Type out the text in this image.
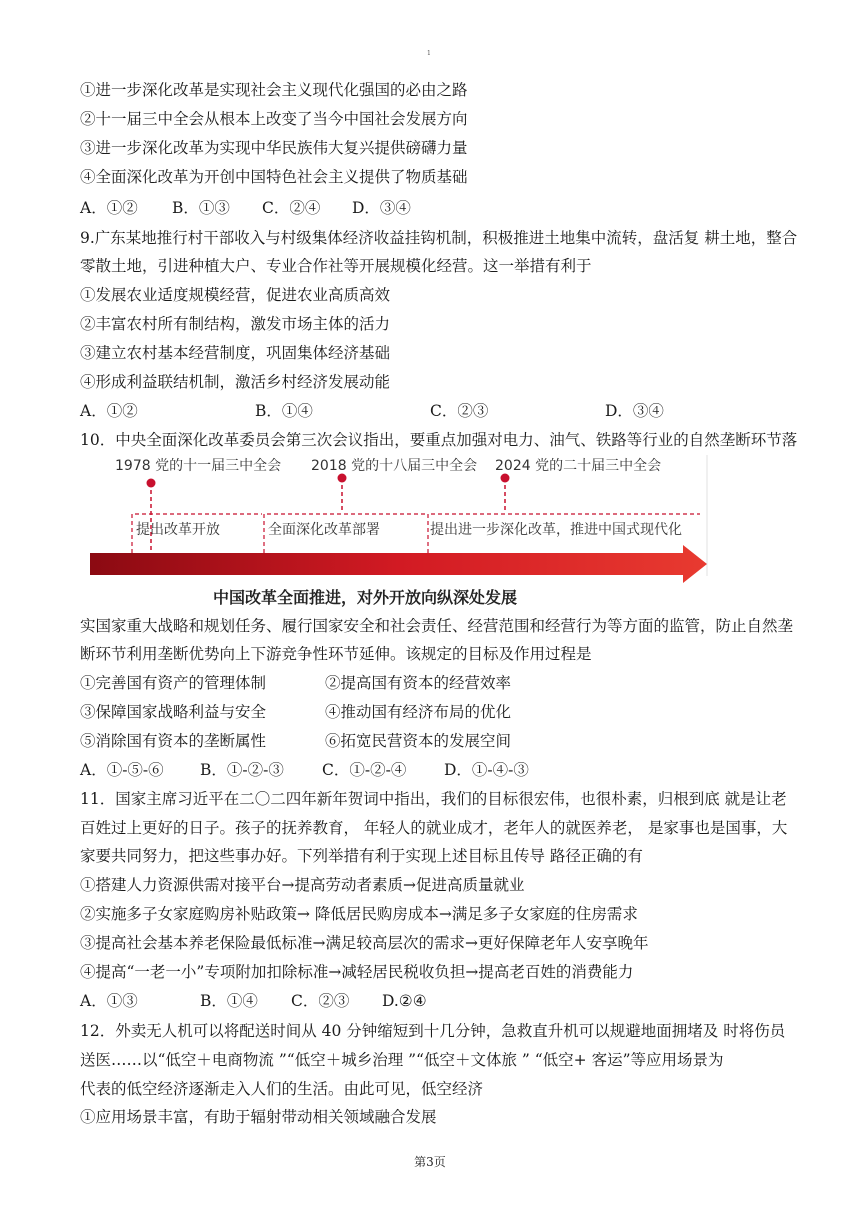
1
①进一步深化改革是实现社会主义现代化强国的必由之路
②十一届三中全会从根本上改变了当今中国社会发展方向
③进一步深化改革为实现中华民族伟大复兴提供磅礴力量
④全面深化改革为开创中国特色社会主义提供了物质基础
A．①② B．①③ C．②④ D．③④
9.广东某地推行村干部收入与村级集体经济收益挂钩机制，积极推进土地集中流转，盘活复 耕土地，整合
零散土地，引进种植大户、专业合作社等开展规模化经营。这一举措有利于
①发展农业适度规模经营，促进农业高质高效
②丰富农村所有制结构，激发市场主体的活力
③建立农村基本经营制度，巩固集体经济基础
④形成利益联结机制，激活乡村经济发展动能
A．①②	B．①④	C．②③	D．③④
10．中央全面深化改革委员会第三次会议指出，要重点加强对电力、油气、铁路等行业的自然垄断环节落
1978 党的十一届三中全会 2018 党的十八届三中全会 2024 党的二十届三中全会
提出改革开放	全面深化改革部署	提出进一步深化改革，推进中国式现代化
中国改革全面推进，对外开放向纵深处发展
实国家重大战略和规划任务、履行国家安全和社会责任、经营范围和经营行为等方面的监管，防止自然垄
断环节利用垄断优势向上下游竞争性环节延伸。该规定的目标及作用过程是
①完善国有资产的管理体制	②提高国有资本的经营效率
③保障国家战略利益与安全	④推动国有经济布局的优化
⑤消除国有资本的垄断属性	⑥拓宽民营资本的发展空间
A．①-⑤-⑥ B．①-②-③ C．①-②-④ D．①-④-③
11．国家主席习近平在二〇二四年新年贺词中指出，我们的目标很宏伟，也很朴素，归根到底 就是让老
百姓过上更好的日子。孩子的抚养教育， 年轻人的就业成才，老年人的就医养老， 是家事也是国事，大
家要共同努力，把这些事办好。下列举措有利于实现上述目标且传导 路径正确的有
①搭建人力资源供需对接平台→提高劳动者素质→促进高质量就业
②实施多子女家庭购房补贴政策→ 降低居民购房成本→满足多子女家庭的住房需求
③提高社会基本养老保险最低标准→满足较高层次的需求→更好保障老年人安享晚年
④提高“一老一小”专项附加扣除标准→减轻居民税收负担→提高老百姓的消费能力
A．①③	B．①④ C．②③ D.②④
12．外卖无人机可以将配送时间从 40 分钟缩短到十几分钟，急救直升机可以规避地面拥堵及 时将伤员
送医……以“低空＋电商物流 ”“低空＋城乡治理 ”“低空＋文体旅 ” “低空+ 客运”等应用场景为
代表的低空经济逐渐走入人们的生活。由此可见，低空经济
①应用场景丰富，有助于辐射带动相关领域融合发展
第3页
